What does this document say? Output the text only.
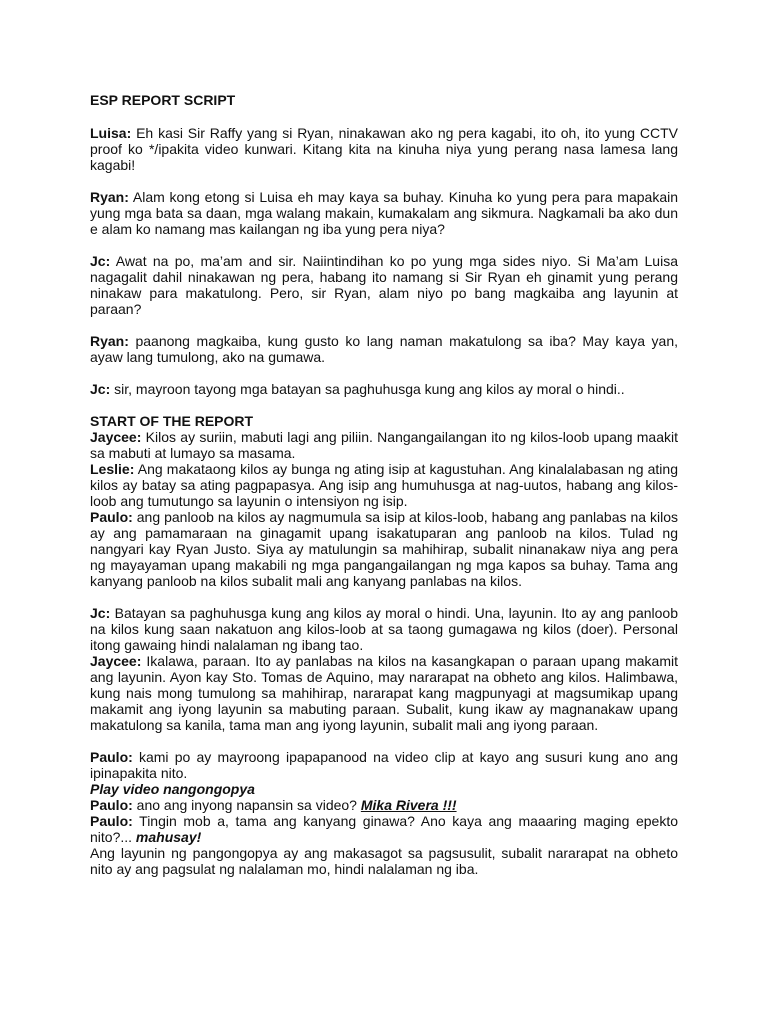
ESP REPORT SCRIPT

Luisa: Eh kasi Sir Raffy yang si Ryan, ninakawan ako ng pera kagabi, ito oh, ito yung CCTV proof ko */ipakita video kunwari. Kitang kita na kinuha niya yung perang nasa lamesa lang kagabi!

Ryan: Alam kong etong si Luisa eh may kaya sa buhay. Kinuha ko yung pera para mapakain yung mga bata sa daan, mga walang makain, kumakalam ang sikmura. Nagkamali ba ako dun e alam ko namang mas kailangan ng iba yung pera niya?

Jc: Awat na po, ma’am and sir. Naiintindihan ko po yung mga sides niyo. Si Ma’am Luisa nagagalit dahil ninakawan ng pera, habang ito namang si Sir Ryan eh ginamit yung perang ninakaw para makatulong. Pero, sir Ryan, alam niyo po bang magkaiba ang layunin at paraan?

Ryan: paanong magkaiba, kung gusto ko lang naman makatulong sa iba? May kaya yan, ayaw lang tumulong, ako na gumawa.

Jc: sir, mayroon tayong mga batayan sa paghuhusga kung ang kilos ay moral o hindi..

START OF THE REPORT

Jaycee: Kilos ay suriin, mabuti lagi ang piliin. Nangangailangan ito ng kilos-loob upang maakit sa mabuti at lumayo sa masama.

Leslie: Ang makataong kilos ay bunga ng ating isip at kagustuhan. Ang kinalalabasan ng ating kilos ay batay sa ating pagpapasya. Ang isip ang humuhusga at nag-uutos, habang ang kilos-loob ang tumutungo sa layunin o intensiyon ng isip.

Paulo: ang panloob na kilos ay nagmumula sa isip at kilos-loob, habang ang panlabas na kilos ay ang pamamaraan na ginagamit upang isakatuparan ang panloob na kilos. Tulad ng nangyari kay Ryan Justo. Siya ay matulungin sa mahihirap, subalit ninanakaw niya ang pera ng mayayaman upang makabili ng mga pangangailangan ng mga kapos sa buhay. Tama ang kanyang panloob na kilos subalit mali ang kanyang panlabas na kilos.

Jc: Batayan sa paghuhusga kung ang kilos ay moral o hindi. Una, layunin. Ito ay ang panloob na kilos kung saan nakatuon ang kilos-loob at sa taong gumagawa ng kilos (doer). Personal itong gawaing hindi nalalaman ng ibang tao.

Jaycee: Ikalawa, paraan. Ito ay panlabas na kilos na kasangkapan o paraan upang makamit ang layunin. Ayon kay Sto. Tomas de Aquino, may nararapat na obheto ang kilos. Halimbawa, kung nais mong tumulong sa mahihirap, nararapat kang magpunyagi at magsumikap upang makamit ang iyong layunin sa mabuting paraan. Subalit, kung ikaw ay magnanakaw upang makatulong sa kanila, tama man ang iyong layunin, subalit mali ang iyong paraan.

Paulo: kami po ay mayroong ipapapanood na video clip at kayo ang susuri kung ano ang ipinapakita nito.

Play video nangongopya

Paulo: ano ang inyong napansin sa video? Mika Rivera !!!

Paulo: Tingin mob a, tama ang kanyang ginawa? Ano kaya ang maaaring maging epekto nito?... mahusay!

Ang layunin ng pangongopya ay ang makasagot sa pagsusulit, subalit nararapat na obheto nito ay ang pagsulat ng nalalaman mo, hindi nalalaman ng iba.
